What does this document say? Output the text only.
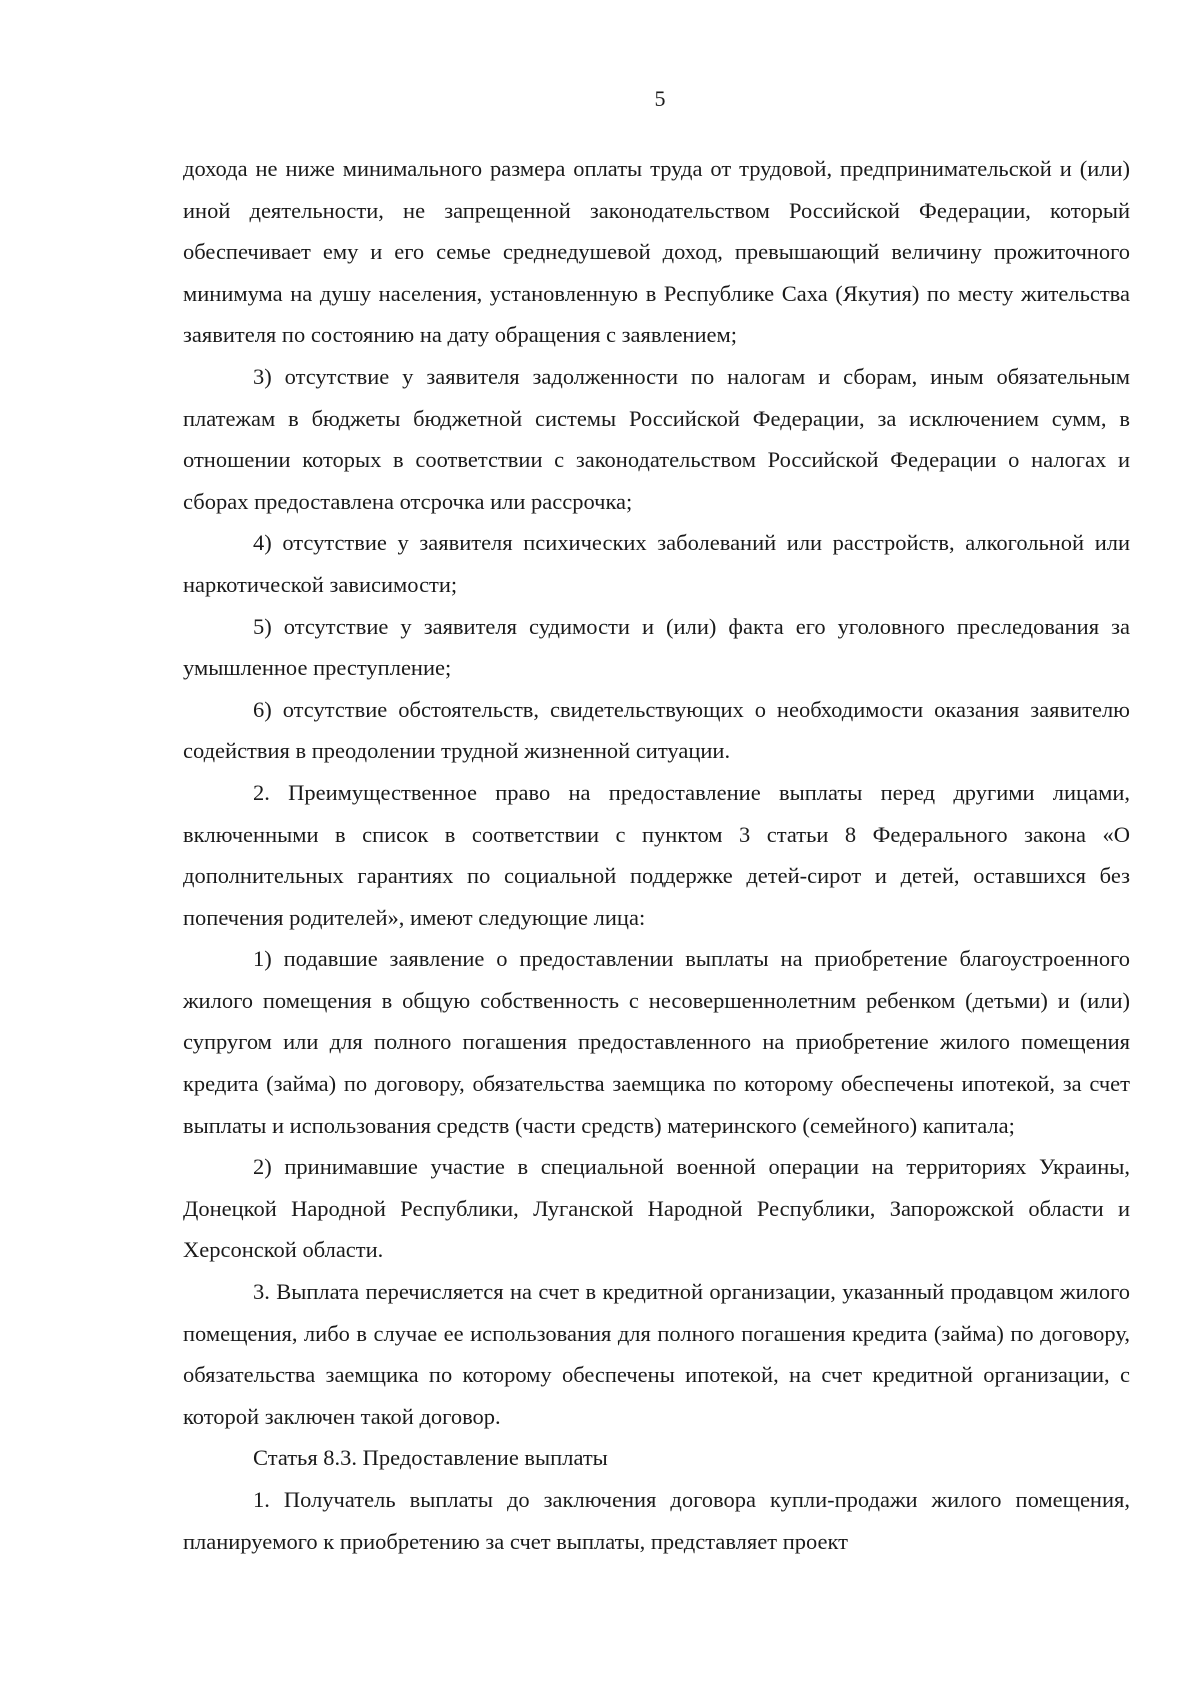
5

дохода не ниже минимального размера оплаты труда от трудовой, предпринимательской и (или) иной деятельности, не запрещенной законодательством Российской Федерации, который обеспечивает ему и его семье среднедушевой доход, превышающий величину прожиточного минимума на душу населения, установленную в Республике Саха (Якутия) по месту жительства заявителя по состоянию на дату обращения с заявлением;

3) отсутствие у заявителя задолженности по налогам и сборам, иным обязательным платежам в бюджеты бюджетной системы Российской Федерации, за исключением сумм, в отношении которых в соответствии с законодательством Российской Федерации о налогах и сборах предоставлена отсрочка или рассрочка;

4) отсутствие у заявителя психических заболеваний или расстройств, алкогольной или наркотической зависимости;

5) отсутствие у заявителя судимости и (или) факта его уголовного преследования за умышленное преступление;

6) отсутствие обстоятельств, свидетельствующих о необходимости оказания заявителю содействия в преодолении трудной жизненной ситуации.

2. Преимущественное право на предоставление выплаты перед другими лицами, включенными в список в соответствии с пунктом 3 статьи 8 Федерального закона «О дополнительных гарантиях по социальной поддержке детей-сирот и детей, оставшихся без попечения родителей», имеют следующие лица:

1) подавшие заявление о предоставлении выплаты на приобретение благоустроенного жилого помещения в общую собственность с несовершеннолетним ребенком (детьми) и (или) супругом или для полного погашения предоставленного на приобретение жилого помещения кредита (займа) по договору, обязательства заемщика по которому обеспечены ипотекой, за счет выплаты и использования средств (части средств) материнского (семейного) капитала;

2) принимавшие участие в специальной военной операции на территориях Украины, Донецкой Народной Республики, Луганской Народной Республики, Запорожской области и Херсонской области.

3. Выплата перечисляется на счет в кредитной организации, указанный продавцом жилого помещения, либо в случае ее использования для полного погашения кредита (займа) по договору, обязательства заемщика по которому обеспечены ипотекой, на счет кредитной организации, с которой заключен такой договор.

Статья 8.3. Предоставление выплаты

1. Получатель выплаты до заключения договора купли-продажи жилого помещения, планируемого к приобретению за счет выплаты, представляет проект
